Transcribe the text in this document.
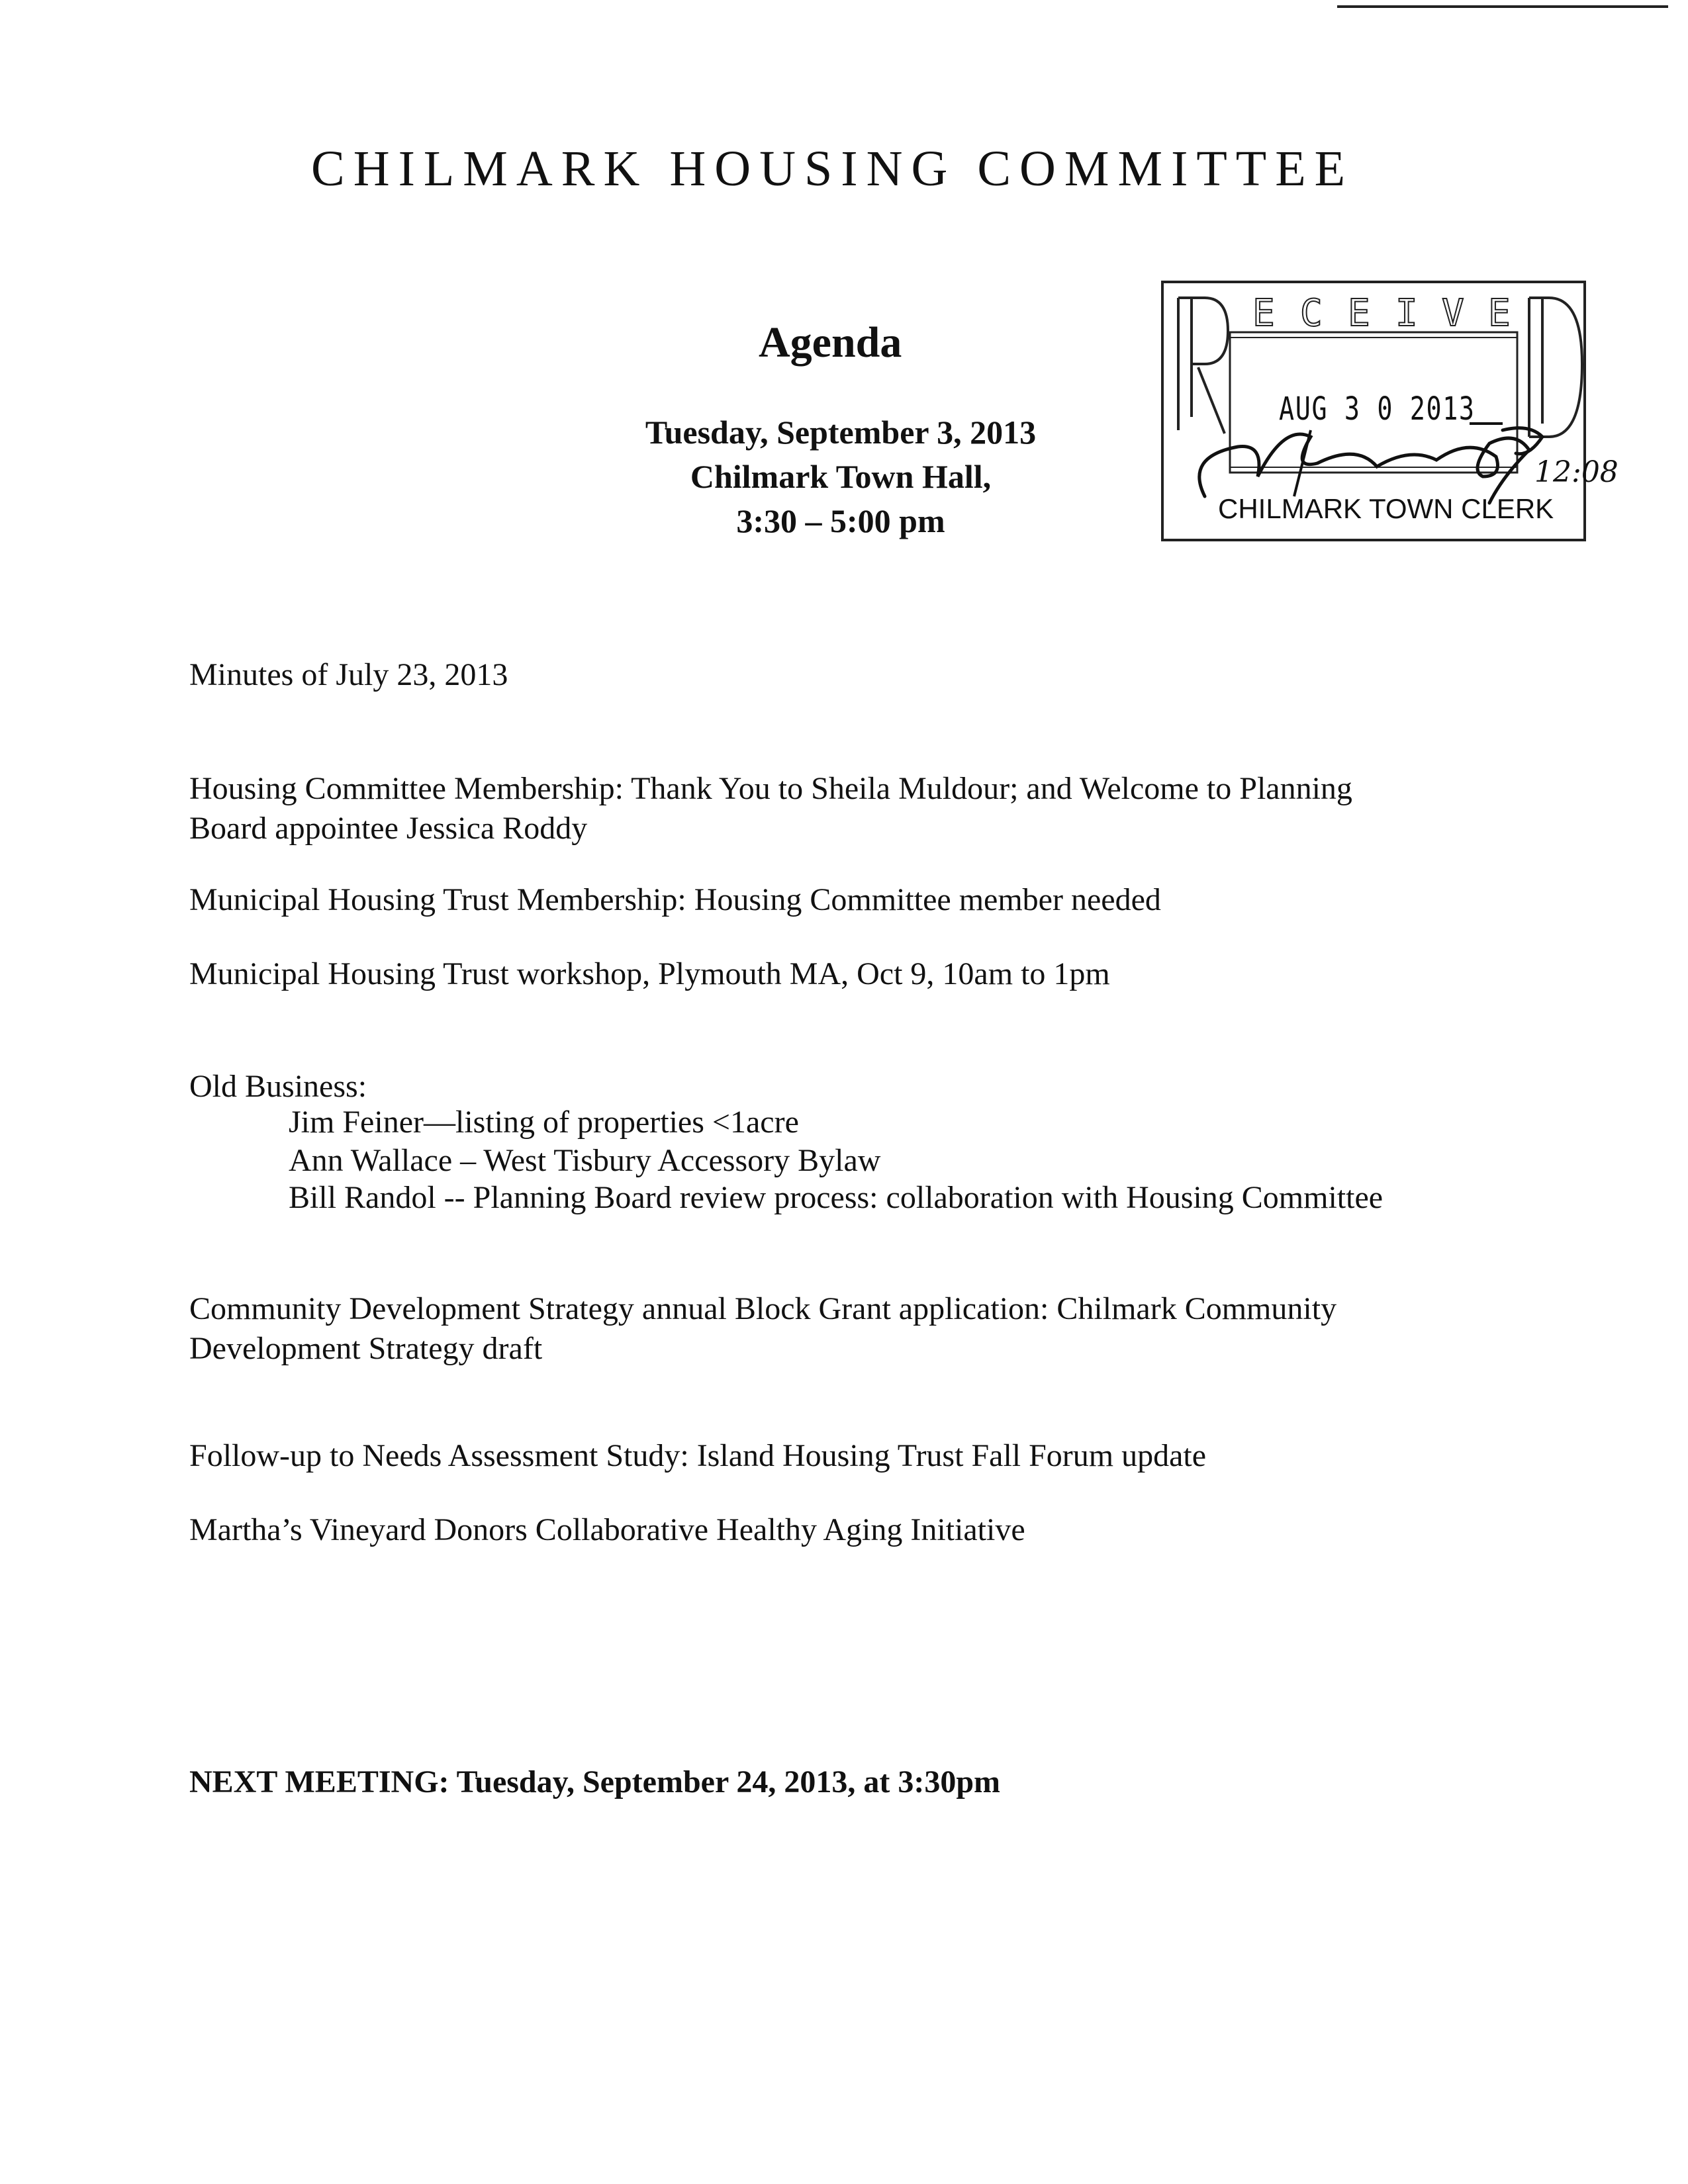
CHILMARK HOUSING COMMITTEE
Agenda
Tuesday, September 3, 2013
Chilmark Town Hall,
3:30 – 5:00 pm
E C E I V E
AUG 3 0 2013
CHILMARK TOWN CLERK
12:08
Minutes of July 23, 2013
Housing Committee Membership: Thank You to Sheila Muldour; and Welcome to Planning
Board appointee Jessica Roddy
Municipal Housing Trust Membership: Housing Committee member needed
Municipal Housing Trust workshop, Plymouth MA, Oct 9, 10am to 1pm
Old Business:
Jim Feiner—listing of properties <1acre
Ann Wallace – West Tisbury Accessory Bylaw
Bill Randol -- Planning Board review process: collaboration with Housing Committee
Community Development Strategy annual Block Grant application: Chilmark Community
Development Strategy draft
Follow-up to Needs Assessment Study: Island Housing Trust Fall Forum update
Martha’s Vineyard Donors Collaborative Healthy Aging Initiative
NEXT MEETING: Tuesday, September 24, 2013, at 3:30pm
